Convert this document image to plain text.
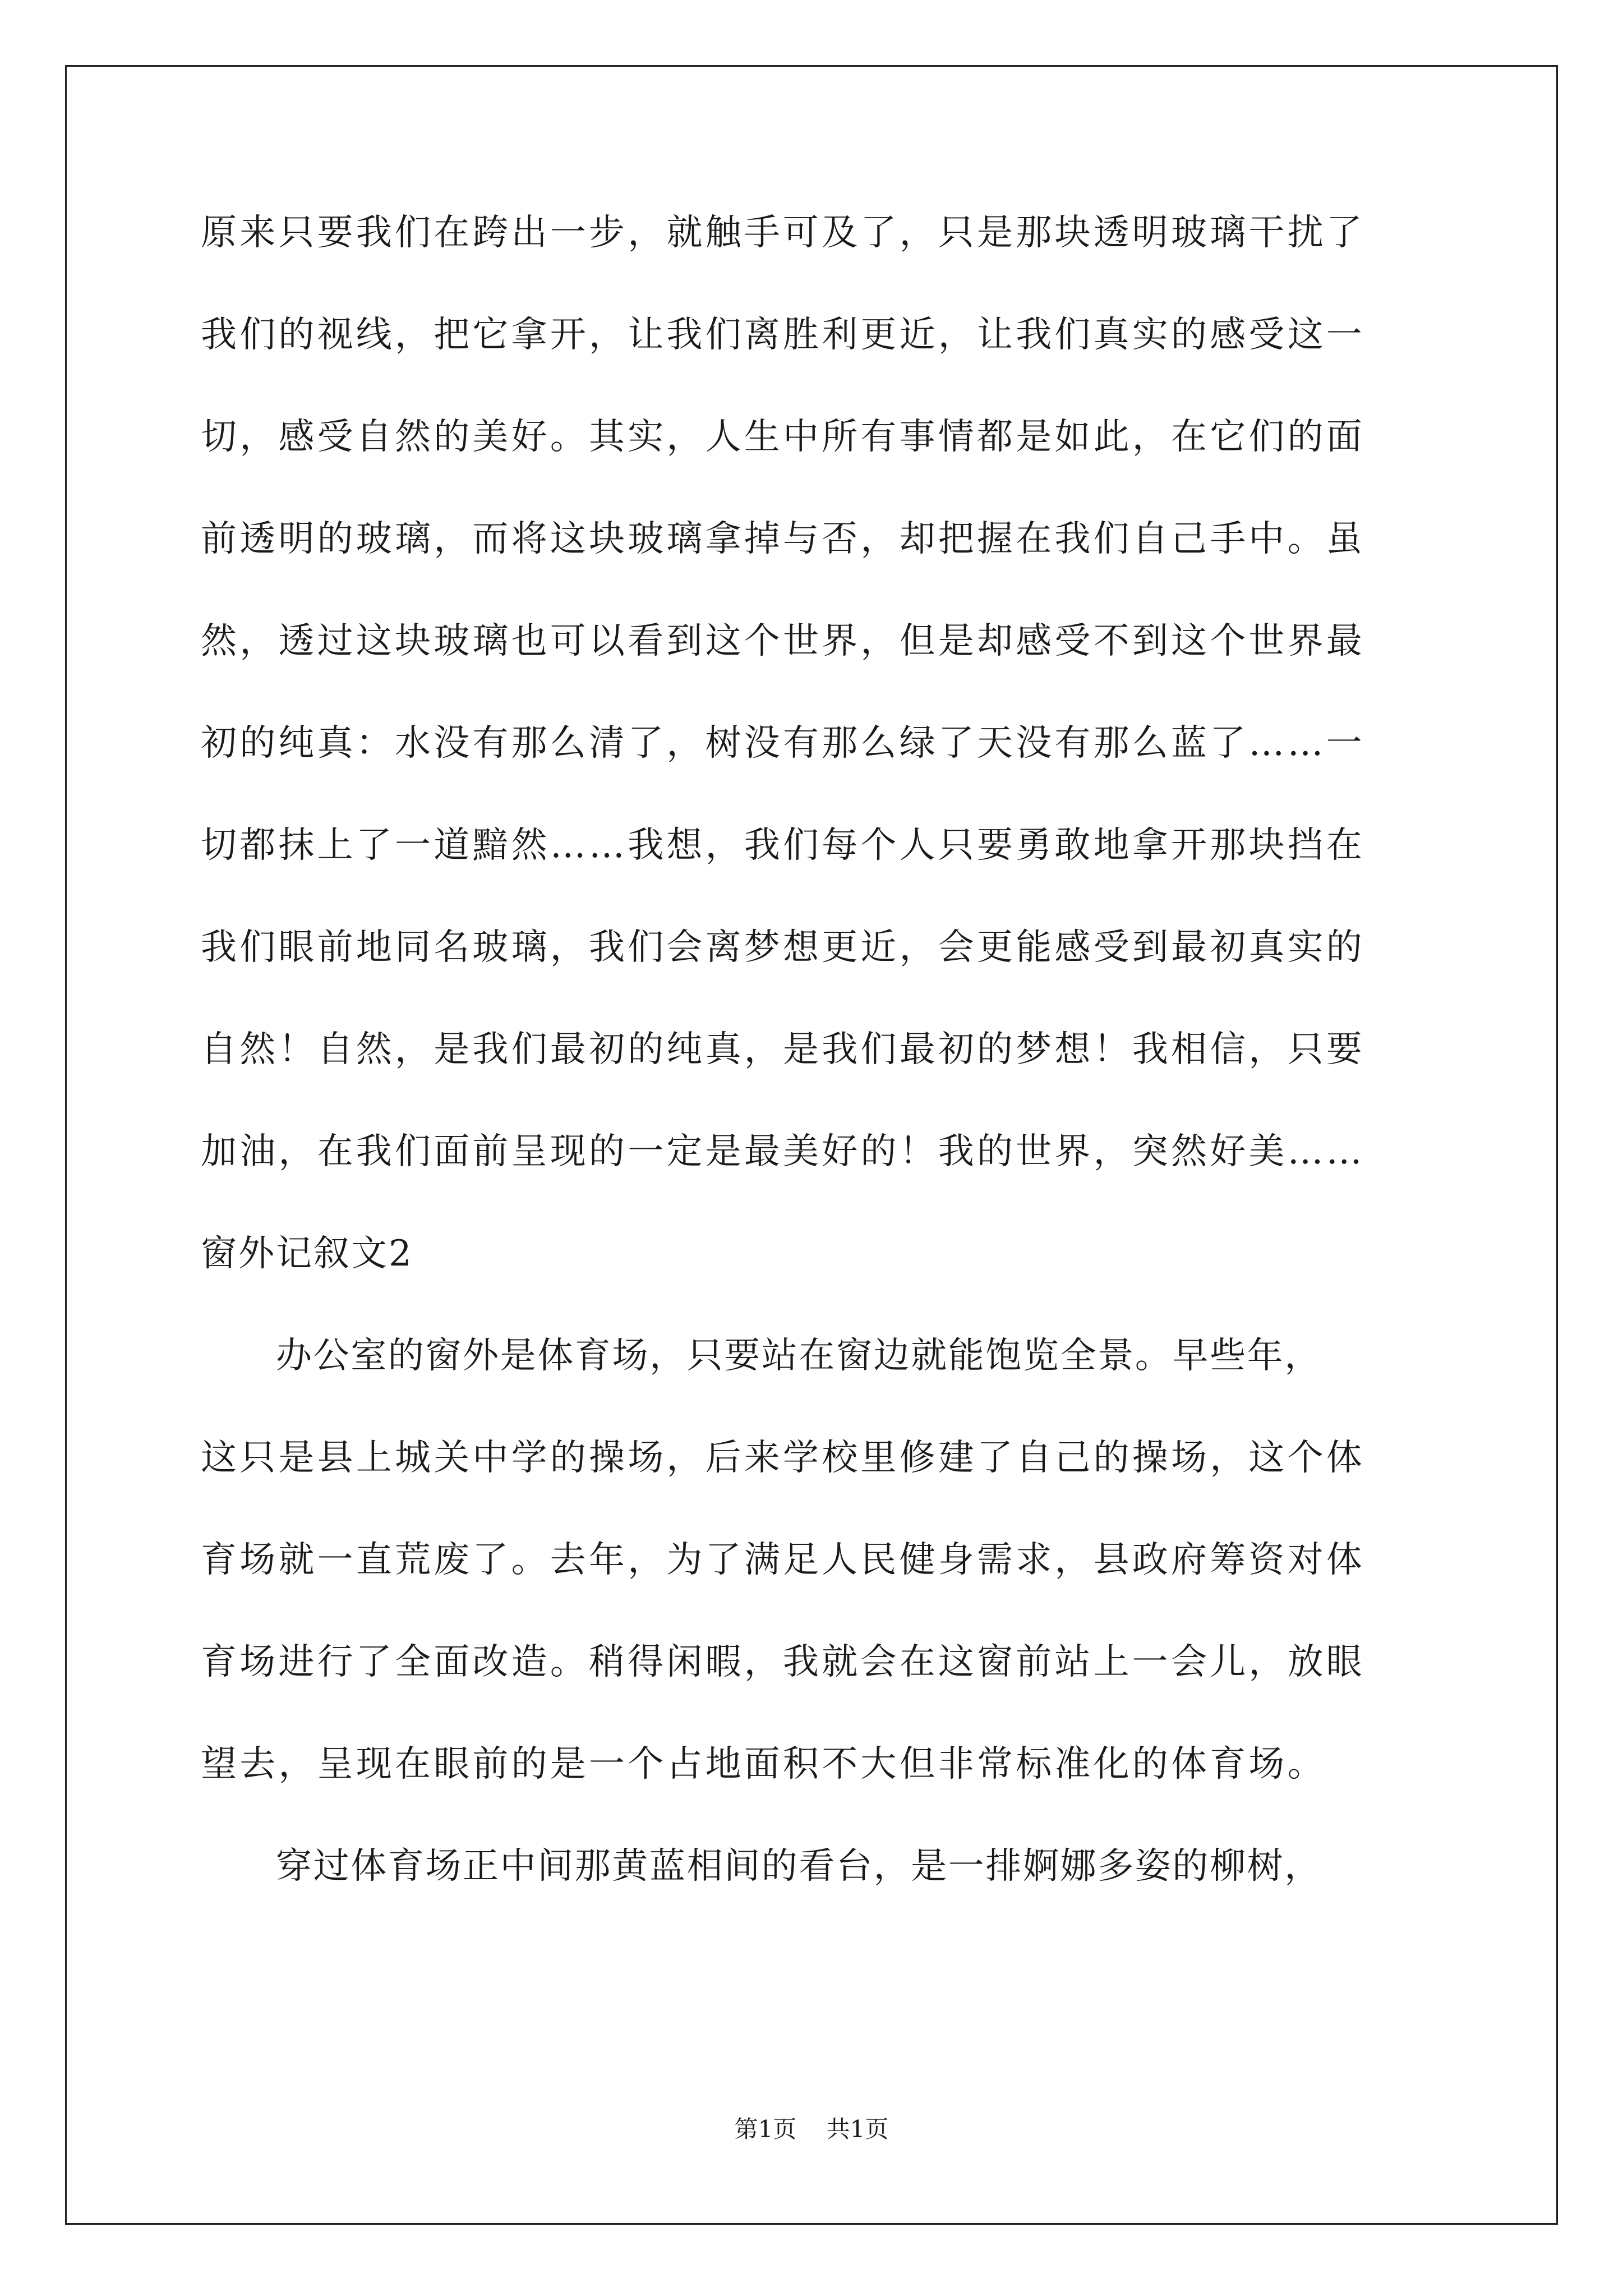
原来只要我们在跨出一步，就触手可及了，只是那块透明玻璃干扰了
我们的视线，把它拿开，让我们离胜利更近，让我们真实的感受这一
切，感受自然的美好。其实，人生中所有事情都是如此，在它们的面
前透明的玻璃，而将这块玻璃拿掉与否，却把握在我们自己手中。虽
然，透过这块玻璃也可以看到这个世界，但是却感受不到这个世界最
初的纯真：水没有那么清了，树没有那么绿了天没有那么蓝了……一
切都抹上了一道黯然……我想，我们每个人只要勇敢地拿开那块挡在
我们眼前地同名玻璃，我们会离梦想更近，会更能感受到最初真实的
自然！自然，是我们最初的纯真，是我们最初的梦想！我相信，只要
加油，在我们面前呈现的一定是最美好的！我的世界，突然好美……
窗外记叙文2
办公室的窗外是体育场，只要站在窗边就能饱览全景。早些年，
这只是县上城关中学的操场，后来学校里修建了自己的操场，这个体
育场就一直荒废了。去年，为了满足人民健身需求，县政府筹资对体
育场进行了全面改造。稍得闲暇，我就会在这窗前站上一会儿，放眼
望去，呈现在眼前的是一个占地面积不大但非常标准化的体育场。
穿过体育场正中间那黄蓝相间的看台，是一排婀娜多姿的柳树，
第1页 共1页
